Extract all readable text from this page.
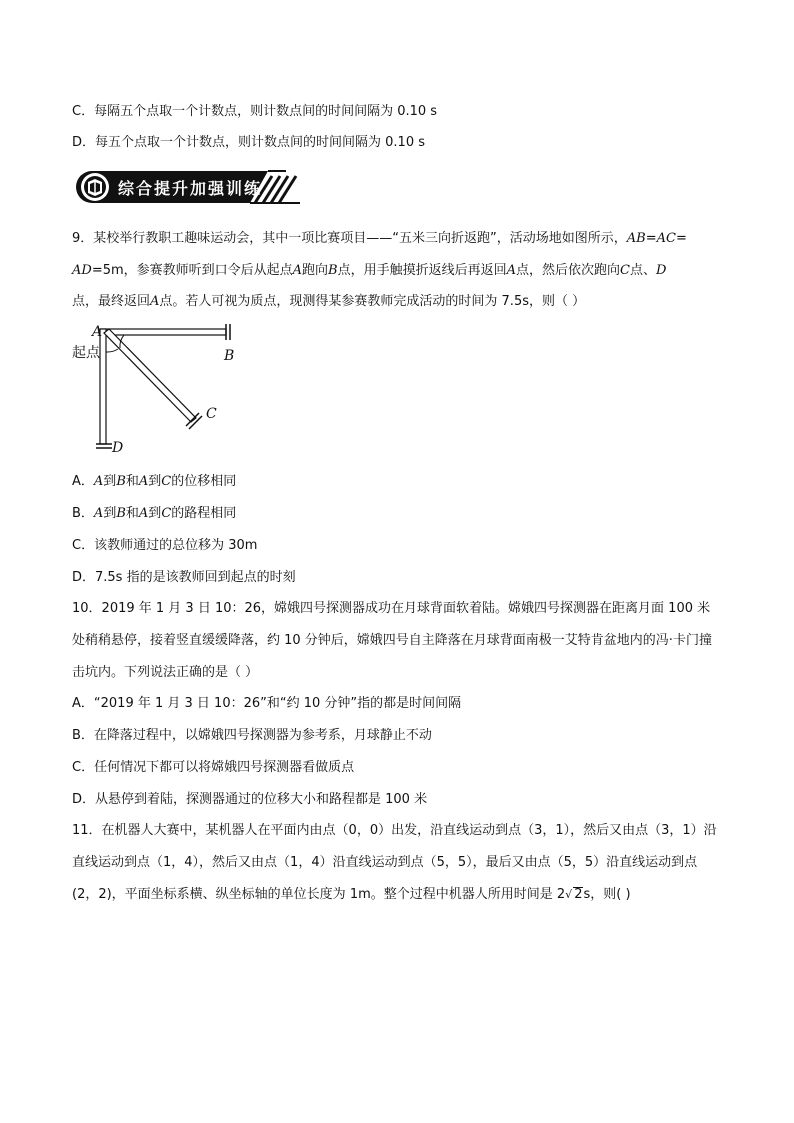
C．每隔五个点取一个计数点，则计数点间的时间间隔为 0.10 s
D．每五个点取一个计数点，则计数点间的时间间隔为 0.10 s
综合提升加强训练
9．某校举行教职工趣味运动会，其中一项比赛项目——“五米三向折返跑”，活动场地如图所示，AB=AC=
AD=5m，参赛教师听到口令后从起点A跑向B点，用手触摸折返线后再返回A点，然后依次跑向C点、D
点，最终返回A点。若人可视为质点，现测得某参赛教师完成活动的时间为 7.5s，则（ ）
A
起点	B
C
D
A．A到B和A到C的位移相同
B．A到B和A到C的路程相同
C．该教师通过的总位移为 30m
D．7.5s 指的是该教师回到起点的时刻
10．2019 年 1 月 3 日 10：26，嫦娥四号探测器成功在月球背面软着陆。嫦娥四号探测器在距离月面 100 米处稍稍悬停，接着竖直缓缓降落，约 10 分钟后，嫦娥四号自主降落在月球背面南极一艾特肯盆地内的冯·卡门撞击坑内。下列说法正确的是（ ）
A．“2019 年 1 月 3 日 10：26”和“约 10 分钟”指的都是时间间隔
B．在降落过程中，以嫦娥四号探测器为参考系，月球静止不动
C．任何情况下都可以将嫦娥四号探测器看做质点
D．从悬停到着陆，探测器通过的位移大小和路程都是 100 米
11．在机器人大赛中，某机器人在平面内由点（0，0）出发，沿直线运动到点（3，1），然后又由点（3，1）沿直线运动到点（1，4），然后又由点（1，4）沿直线运动到点（5，5），最后又由点（5，5）沿直线运动到点(2，2)，平面坐标系横、纵坐标轴的单位长度为 1m。整个过程中机器人所用时间是 2√ 2s，则( )
